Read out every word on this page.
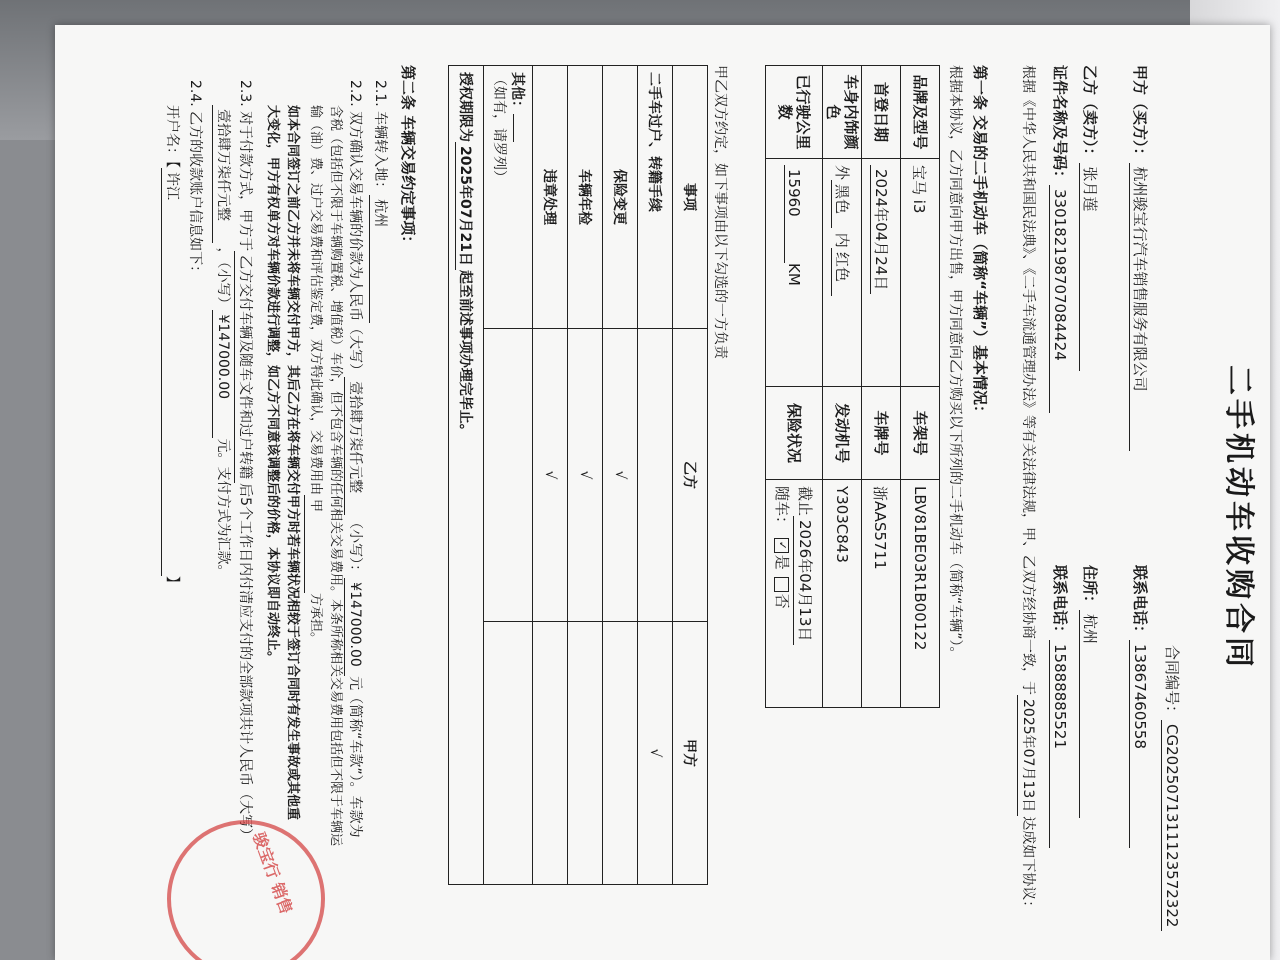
二手机动车收购合同
合同编号：CG2025071311123572322
甲方（买方）：杭州骏宝行汽车销售服务有限公司
联系电话：13867460558
乙方（卖方）：张月莲
住所：杭州
证件名称及号码：330182198707084424
联系电话：15888885521
根据《中华人民共和国民法典》、《二手车流通管理办法》等有关法律法规，甲、乙双方经协商一致，于2025年07月13日达成如下协议：
第一条 交易的二手机动车（简称“车辆”）基本情况：
根据本协议，乙方同意向甲方出售，甲方同意向乙方购买以下所列的二手机动车（简称“车辆”）。
品牌及型号	宝马 i3	车架号	LBV81BE03R1B00122
首登日期	2024年04月24日	车牌号	浙AAS5711
车身内饰颜色	外黑色 内红色	发动机号	Y303C843
已行驶公里数	15960KM	保险状况	截止2026年04月13日
随车： ✓是 否
甲乙双方约定，如下事项由以下勾选的一方负责
事项	乙方	甲方
二手车过户、转籍手续		√
保险变更	√	
车辆年检	√	
违章处理	√	
其他：
（如有，请罗列）		
授权期限为2025年07月21日起至前述事项办理完毕止。		
第二条 车辆交易约定事项：
2.1. 车辆转入地：杭州
2.2. 双方确认交易车辆的价款为人民币（大写）壹拾肆万柒仟元整（小写）：¥147000.00元（简称“车款”）。车款为
含税（包括但不限于车辆购置税、增值税）车价，但不包含车辆的任何相关交易费用。本条所称相关交易费用包括但不限于车辆运
输（油）费、过户交易费和评估鉴定费，双方特此确认，交易费用由甲方承担。
如本合同签订之前乙方并未将车辆交付甲方，其后乙方在将车辆交付甲方时若车辆状况相较于签订合同时有发生事故或其他重
大变化，甲方有权单方对车辆价款进行调整，如乙方不同意该调整后的价格，本协议即自动终止。
2.3. 对于付款方式，甲方于乙方交付车辆及随车文件和过户转籍后5个工作日内付清应支付的全部款项共计人民币（大写）
壹拾肆万柒仟元整 ，（小写）¥147000.00元。支付方式为汇款。
2.4. 乙方的收款账户信息如下：
开户名：【许江】
骏宝行 销售
